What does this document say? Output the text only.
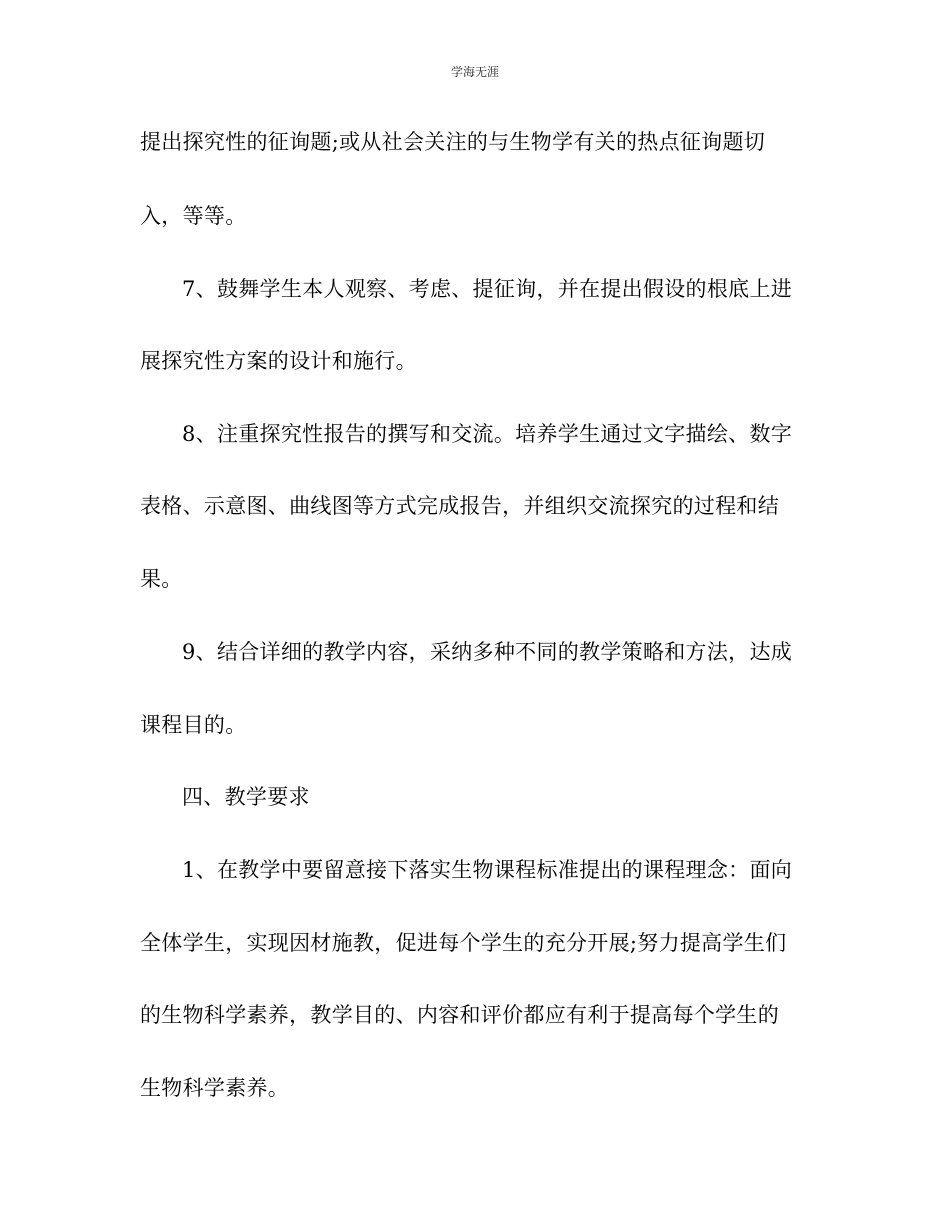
学海无涯
提出探究性的征询题;或从社会关注的与生物学有关的热点征询题切
入，等等。
7、鼓舞学生本人观察、考虑、提征询，并在提出假设的根底上进
展探究性方案的设计和施行。
8、注重探究性报告的撰写和交流。培养学生通过文字描绘、数字
表格、示意图、曲线图等方式完成报告，并组织交流探究的过程和结
果。
9、结合详细的教学内容，采纳多种不同的教学策略和方法，达成
课程目的。
四、教学要求
1、在教学中要留意接下落实生物课程标准提出的课程理念：面向
全体学生，实现因材施教，促进每个学生的充分开展;努力提高学生们
的生物科学素养，教学目的、内容和评价都应有利于提高每个学生的
生物科学素养。
